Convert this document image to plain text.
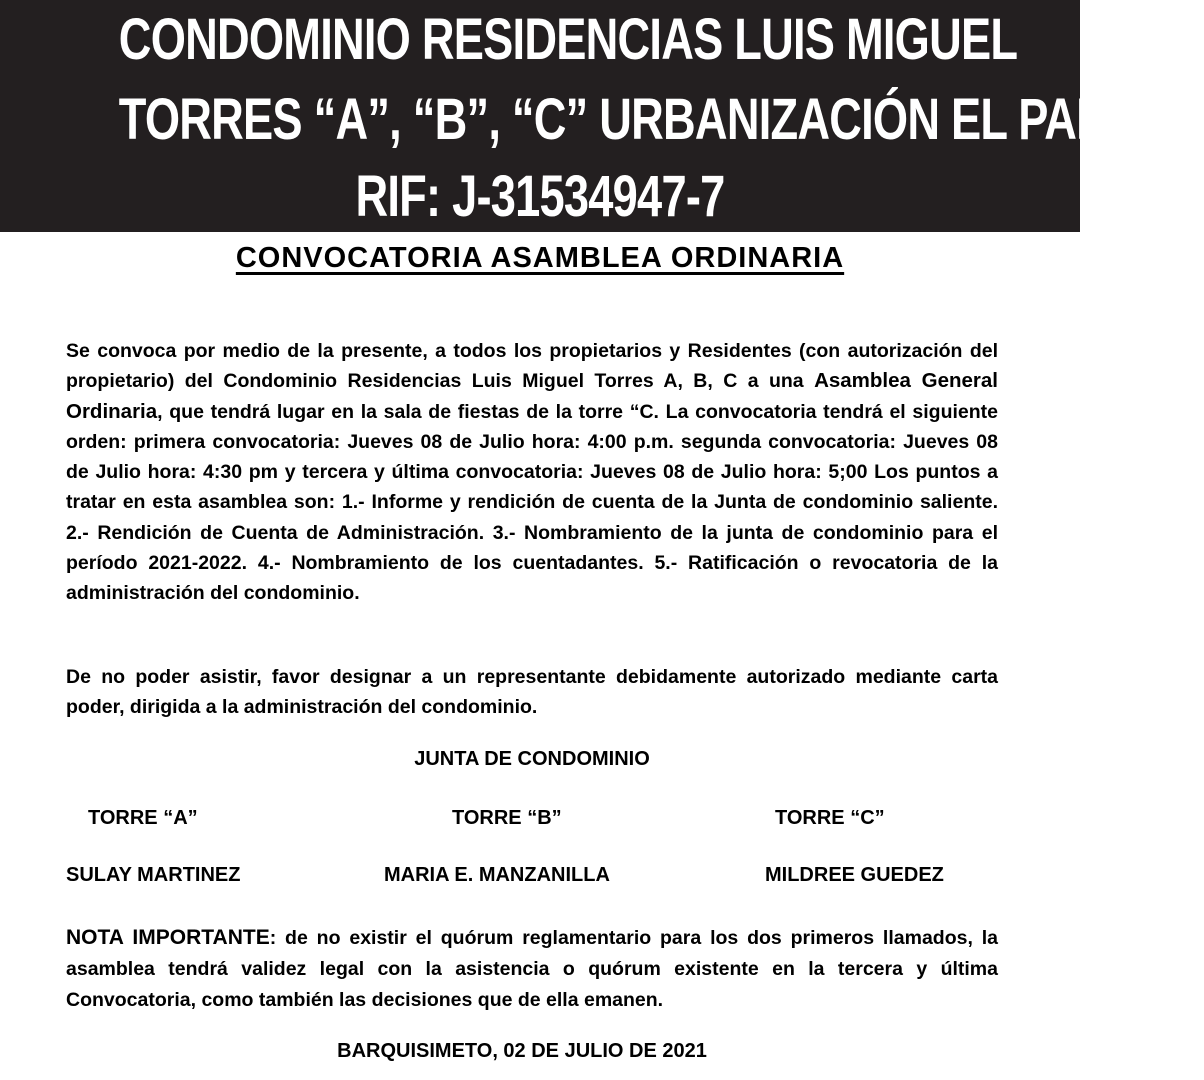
CONDOMINIO RESIDENCIAS LUIS MIGUEL
TORRES “A”, “B”, “C” URBANIZACIÓN EL PARQUE
RIF: J-31534947-7
CONVOCATORIA ASAMBLEA ORDINARIA
Se convoca por medio de la presente, a todos los propietarios y Residentes (con autorización del propietario) del Condominio Residencias Luis Miguel Torres A, B, C a una Asamblea General Ordinaria, que tendrá lugar en la sala de fiestas de la torre “C. La convocatoria tendrá el siguiente orden: primera convocatoria: Jueves 08 de Julio hora: 4:00 p.m. segunda convocatoria: Jueves 08 de Julio hora: 4:30 pm y tercera y última convocatoria: Jueves 08 de Julio hora: 5;00 Los puntos a tratar en esta asamblea son: 1.- Informe y rendición de cuenta de la Junta de condominio saliente. 2.- Rendición de Cuenta de Administración. 3.- Nombramiento de la junta de condominio para el período 2021-2022. 4.- Nombramiento de los cuentadantes. 5.- Ratificación o revocatoria de la administración del condominio.
De no poder asistir, favor designar a un representante debidamente autorizado mediante carta poder, dirigida a la administración del condominio.
JUNTA DE CONDOMINIO
TORRE “A”	TORRE “B”	TORRE “C”
SULAY MARTINEZ	MARIA E. MANZANILLA	MILDREE GUEDEZ
NOTA IMPORTANTE: de no existir el quórum reglamentario para los dos primeros llamados, la asamblea tendrá validez legal con la asistencia o quórum existente en la tercera y última Convocatoria, como también las decisiones que de ella emanen.
BARQUISIMETO, 02 DE JULIO DE 2021
